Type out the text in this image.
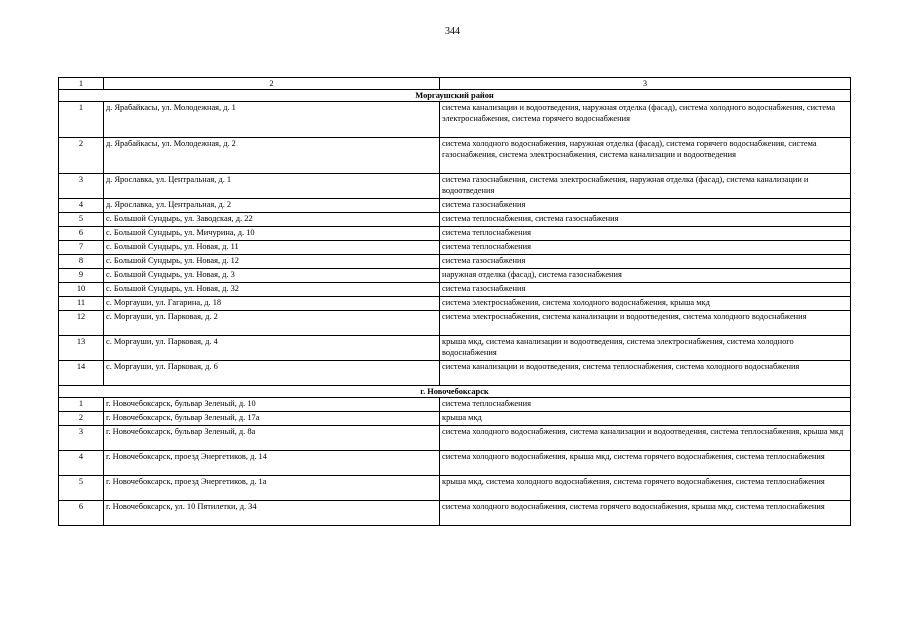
344
1	2	3
Моргаушский район		
1	д. Ярабайкасы, ул. Молодежная, д. 1	система канализации и водоотведения, наружная отделка (фасад), система холодного водоснабжения, система электроснабжения, система горячего водоснабжения
2	д. Ярабайкасы, ул. Молодежная, д. 2	система холодного водоснабжения, наружная отделка (фасад), система горячего водоснабжения, система газоснабжения, система электроснабжения, система канализации и водоотведения
3	д. Ярославка, ул. Центральная, д. 1	система газоснабжения, система электроснабжения, наружная отделка (фасад), система канализации и водоотведения
4	д. Ярославка, ул. Центральная, д. 2	система газоснабжения
5	с. Большой Сундырь, ул. Заводская, д. 22	система теплоснабжения, система газоснабжения
6	с. Большой Сундырь, ул. Мичурина, д. 10	система теплоснабжения
7	с. Большой Сундырь, ул. Новая, д. 11	система теплоснабжения
8	с. Большой Сундырь, ул. Новая, д. 12	система газоснабжения
9	с. Большой Сундырь, ул. Новая, д. 3	наружная отделка (фасад), система газоснабжения
10	с. Большой Сундырь, ул. Новая, д. 32	система газоснабжения
11	с. Моргауши, ул. Гагарина, д. 18	система электроснабжения, система холодного водоснабжения, крыша мкд
12	с. Моргауши, ул. Парковая, д. 2	система электроснабжения, система канализации и водоотведения, система холодного водоснабжения
13	с. Моргауши, ул. Парковая, д. 4	крыша мкд, система канализации и водоотведения, система электроснабжения, система холодного водоснабжения
14	с. Моргауши, ул. Парковая, д. 6	система канализации и водоотведения, система теплоснабжения, система холодного водоснабжения
г. Новочебоксарск		
1	г. Новочебоксарск, бульвар Зеленый, д. 10	система теплоснабжения
2	г. Новочебоксарск, бульвар Зеленый, д. 17а	крыша мкд
3	г. Новочебоксарск, бульвар Зеленый, д. 8а	система холодного водоснабжения, система канализации и водоотведения, система теплоснабжения, крыша мкд
4	г. Новочебоксарск, проезд Энергетиков, д. 14	система холодного водоснабжения, крыша мкд, система горячего водоснабжения, система теплоснабжения
5	г. Новочебоксарск, проезд Энергетиков, д. 1а	крыша мкд, система холодного водоснабжения, система горячего водоснабжения, система теплоснабжения
6	г. Новочебоксарск, ул. 10 Пятилетки, д. 34	система холодного водоснабжения, система горячего водоснабжения, крыша мкд, система теплоснабжения
